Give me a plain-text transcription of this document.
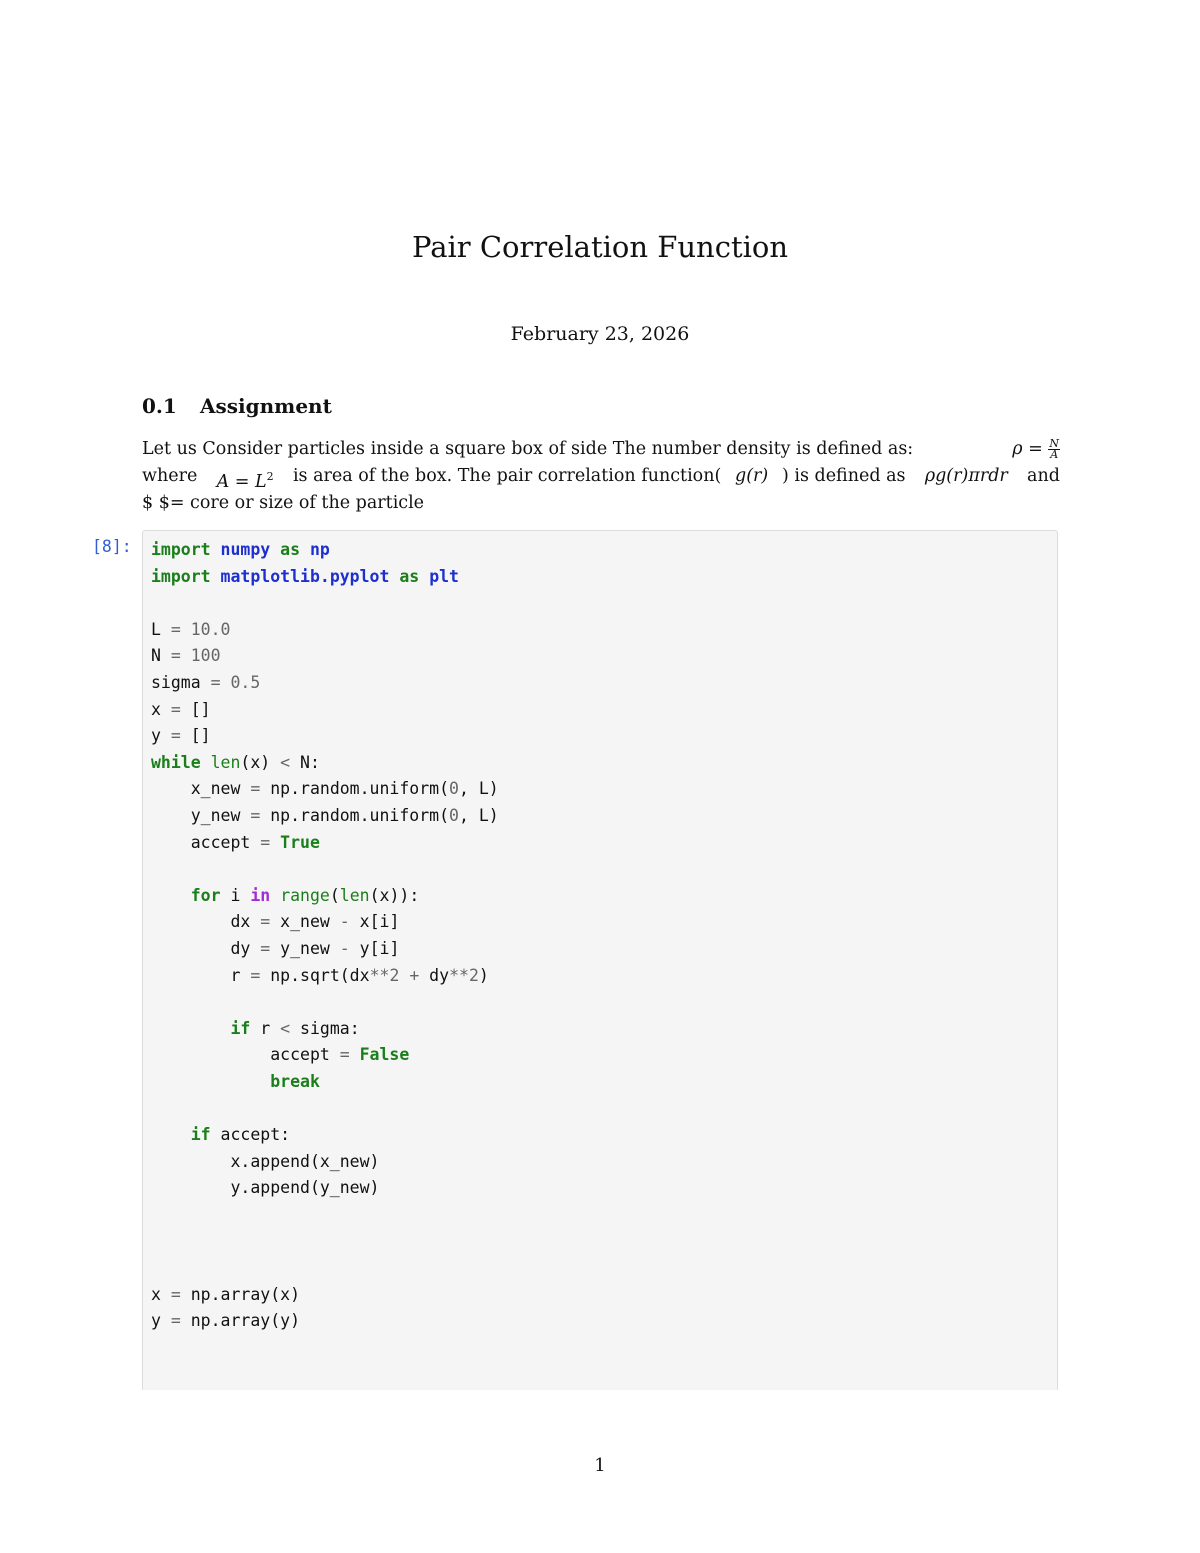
Pair Correlation Function
February 23, 2026
0.1 Assignment
Let us Consider particles inside a square box of side The number density is defined as:	$\rho = \frac{N}{A}$
where $A = L^2$ is area of the box. The pair correlation function( g(r) ) is defined as ρg(r)πrdr and
$ $= core or size of the particle
[8]: import numpy as np
import matplotlib.pyplot as plt
L = 10.0
N = 100
sigma = 0.5
x = []
y = []
while len(x) < N:
x_new = np.random.uniform(0, L)
y_new = np.random.uniform(0, L)
accept = True
for i in range(len(x)):
dx = x_new - x[i]
dy = y_new - y[i]
r = np.sqrt(dx**2 + dy**2)
if r < sigma:
accept = False
break
if accept:
x.append(x_new)
y.append(y_new)
x = np.array(x)
y = np.array(y)
1
